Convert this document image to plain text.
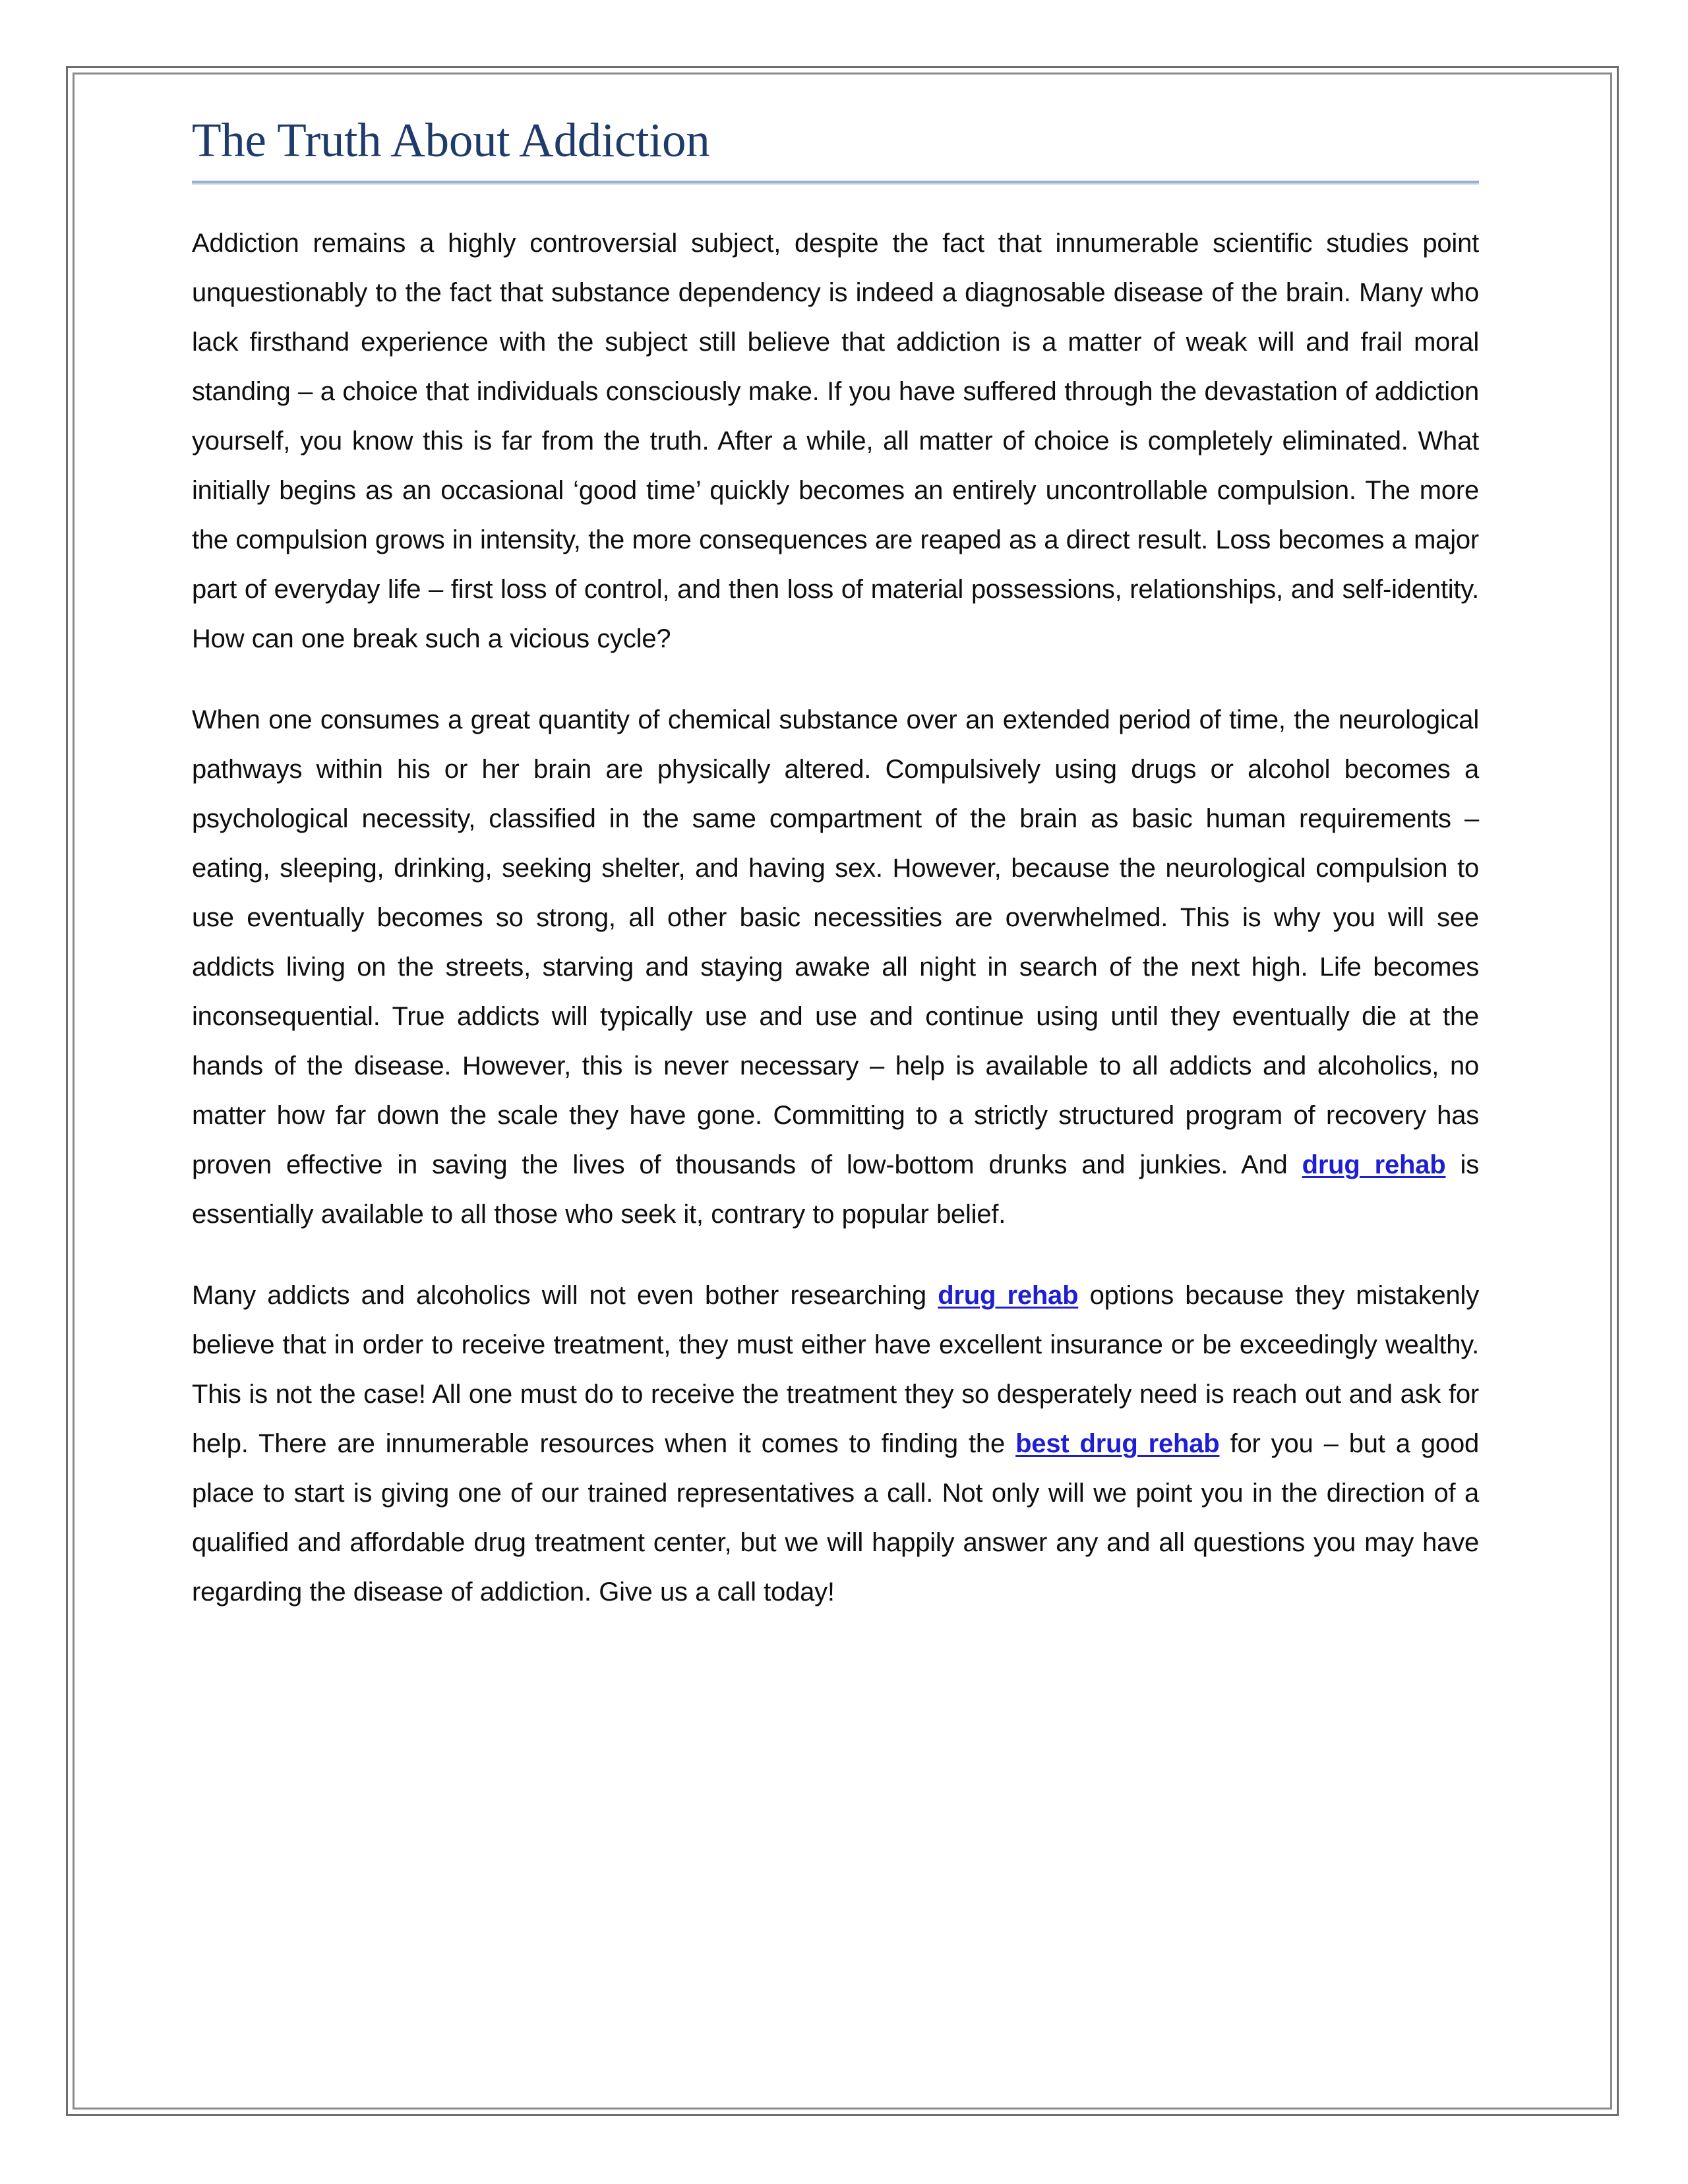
The Truth About Addiction

Addiction remains a highly controversial subject, despite the fact that innumerable scientific studies point unquestionably to the fact that substance dependency is indeed a diagnosable disease of the brain. Many who lack firsthand experience with the subject still believe that addiction is a matter of weak will and frail moral standing – a choice that individuals consciously make. If you have suffered through the devastation of addiction yourself, you know this is far from the truth. After a while, all matter of choice is completely eliminated. What initially begins as an occasional ‘good time’ quickly becomes an entirely uncontrollable compulsion. The more the compulsion grows in intensity, the more consequences are reaped as a direct result. Loss becomes a major part of everyday life – first loss of control, and then loss of material possessions, relationships, and self-identity. How can one break such a vicious cycle?

When one consumes a great quantity of chemical substance over an extended period of time, the neurological pathways within his or her brain are physically altered. Compulsively using drugs or alcohol becomes a psychological necessity, classified in the same compartment of the brain as basic human requirements – eating, sleeping, drinking, seeking shelter, and having sex. However, because the neurological compulsion to use eventually becomes so strong, all other basic necessities are overwhelmed. This is why you will see addicts living on the streets, starving and staying awake all night in search of the next high. Life becomes inconsequential. True addicts will typically use and use and continue using until they eventually die at the hands of the disease. However, this is never necessary – help is available to all addicts and alcoholics, no matter how far down the scale they have gone. Committing to a strictly structured program of recovery has proven effective in saving the lives of thousands of low-bottom drunks and junkies. And drug rehab is essentially available to all those who seek it, contrary to popular belief.

Many addicts and alcoholics will not even bother researching drug rehab options because they mistakenly believe that in order to receive treatment, they must either have excellent insurance or be exceedingly wealthy. This is not the case! All one must do to receive the treatment they so desperately need is reach out and ask for help. There are innumerable resources when it comes to finding the best drug rehab for you – but a good place to start is giving one of our trained representatives a call. Not only will we point you in the direction of a qualified and affordable drug treatment center, but we will happily answer any and all questions you may have regarding the disease of addiction. Give us a call today!
